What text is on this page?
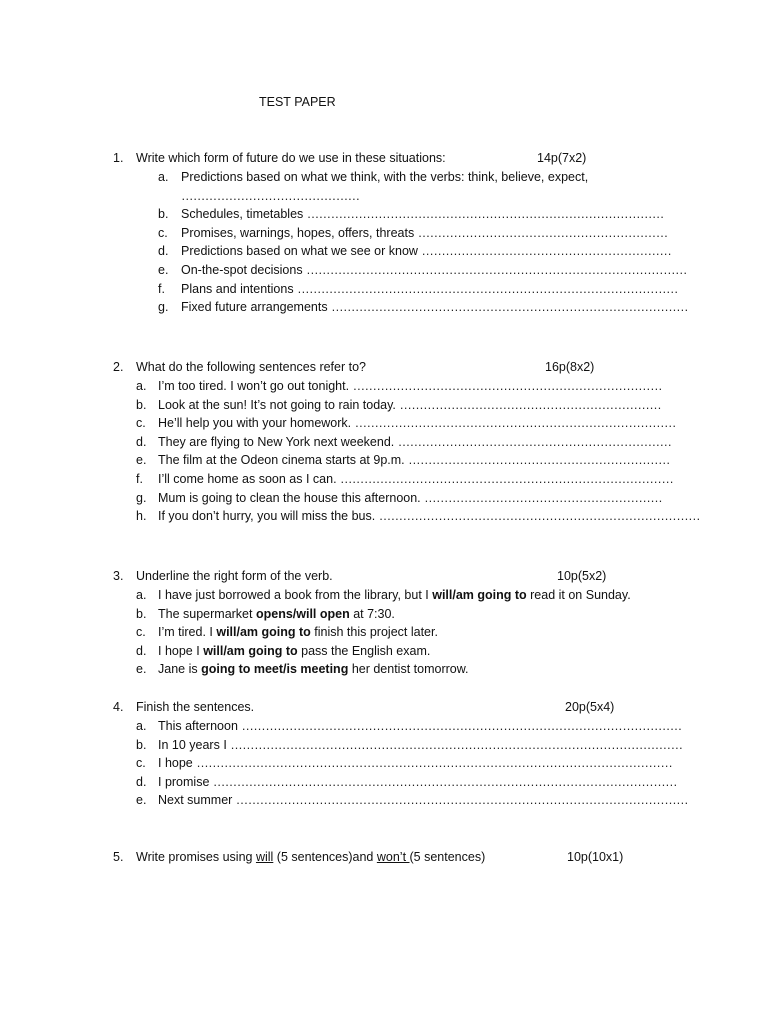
TEST PAPER
1. Write which form of future do we use in these situations:	14p(7x2)
a. Predictions based on what we think, with the verbs: think, believe, expect,
………………………………………
b. Schedules, timetables ………………………………………………………………………………
c. Promises, warnings, hopes, offers, threats ………………………………………………………
d. Predictions based on what we see or know ………………………………………………………
e. On-the-spot decisions ……………………………………………………………………………………
f. Plans and intentions ……………………………………………………………………………………
g. Fixed future arrangements ………………………………………………………………………………
2. What do the following sentences refer to?	16p(8x2)
a. I’m too tired. I won’t go out tonight. ……………………………………………………………………
b. Look at the sun! It’s not going to rain today. …………………………………………………………
c. He’ll help you with your homework. ………………………………………………………………………
d. They are flying to New York next weekend. ……………………………………………………………
e. The film at the Odeon cinema starts at 9p.m. …………………………………………………………
f. I’ll come home as soon as I can. …………………………………………………………………………
g. Mum is going to clean the house this afternoon. ……………………………………………………
h. If you don’t hurry, you will miss the bus. ………………………………………………………………………
3. Underline the right form of the verb.	10p(5x2)
a. I have just borrowed a book from the library, but I will/am going to read it on Sunday.
b. The supermarket opens/will open at 7:30.
c. I’m tired. I will/am going to finish this project later.
d. I hope I will/am going to pass the English exam.
e. Jane is going to meet/is meeting her dentist tomorrow.
4. Finish the sentences.	20p(5x4)
a. This afternoon …………………………………………………………………………………………………
b. In 10 years I ……………………………………………………………………………………………………
c. I hope …………………………………………………………………………………………………………
d. I promise ………………………………………………………………………………………………………
e. Next summer ……………………………………………………………………………………………………
5. Write promises using will (5 sentences)and won’t (5 sentences)	10p(10x1)
